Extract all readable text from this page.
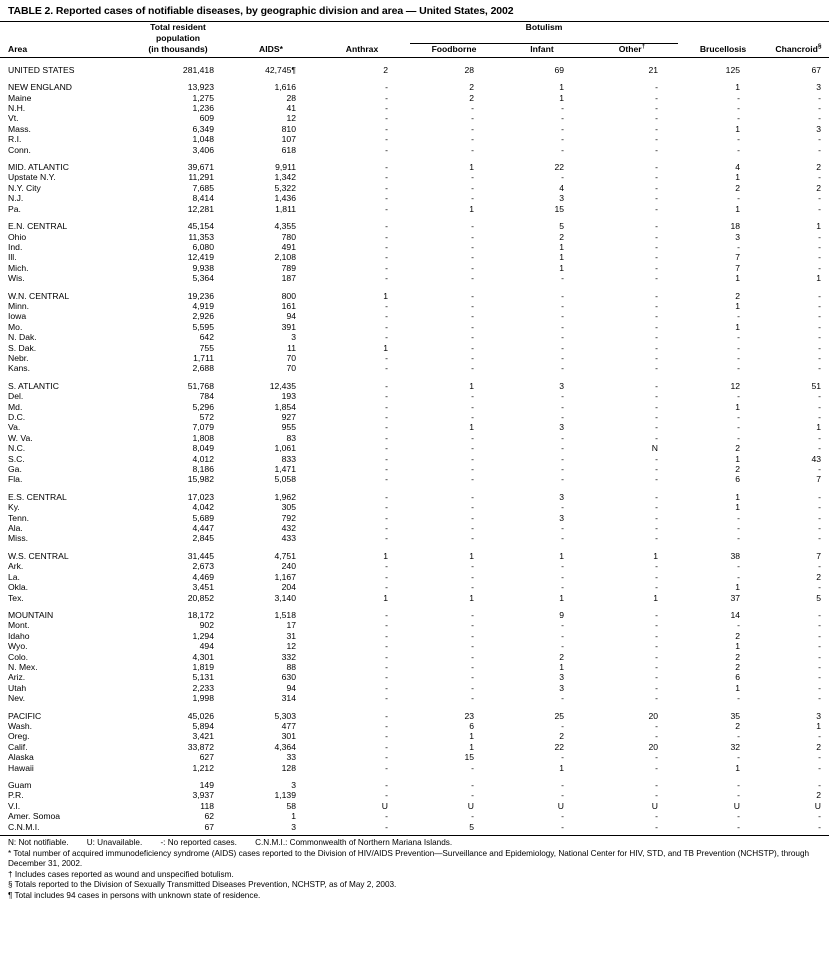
TABLE 2. Reported cases of notifiable diseases, by geographic division and area — United States, 2002
	Total resident			Botulism				
	population							
Area	(in thousands)	AIDS*	Anthrax	Foodborne	Infant	Other†	Brucellosis	Chancroid§

UNITED STATES	281,418	42,745¶	2	28	69	21	125	67

NEW ENGLAND	13,923	1,616	-	2	1	-	1	3
Maine	1,275	28	-	2	1	-	-	-
N.H.	1,236	41	-	-	-	-	-	-
Vt.	609	12	-	-	-	-	-	-
Mass.	6,349	810	-	-	-	-	1	3
R.I.	1,048	107	-	-	-	-	-	-
Conn.	3,406	618	-	-	-	-	-	-

MID. ATLANTIC	39,671	9,911	-	1	22	-	4	2
Upstate N.Y.	11,291	1,342	-	-	-	-	1	-
N.Y. City	7,685	5,322	-	-	4	-	2	2
N.J.	8,414	1,436	-	-	3	-	-	-
Pa.	12,281	1,811	-	1	15	-	1	-

E.N. CENTRAL	45,154	4,355	-	-	5	-	18	1
Ohio	11,353	780	-	-	2	-	3	-
Ind.	6,080	491	-	-	1	-	-	-
Ill.	12,419	2,108	-	-	1	-	7	-
Mich.	9,938	789	-	-	1	-	7	-
Wis.	5,364	187	-	-	-	-	1	1

W.N. CENTRAL	19,236	800	1	-	-	-	2	-
Minn.	4,919	161	-	-	-	-	1	-
Iowa	2,926	94	-	-	-	-	-	-
Mo.	5,595	391	-	-	-	-	1	-
N. Dak.	642	3	-	-	-	-	-	-
S. Dak.	755	11	1	-	-	-	-	-
Nebr.	1,711	70	-	-	-	-	-	-
Kans.	2,688	70	-	-	-	-	-	-

S. ATLANTIC	51,768	12,435	-	1	3	-	12	51
Del.	784	193	-	-	-	-	-	-
Md.	5,296	1,854	-	-	-	-	1	-
D.C.	572	927	-	-	-	-	-	-
Va.	7,079	955	-	1	3	-	-	1
W. Va.	1,808	83	-	-	-	-	-	-
N.C.	8,049	1,061	-	-	-	N	2	-
S.C.	4,012	833	-	-	-	-	1	43
Ga.	8,186	1,471	-	-	-	-	2	-
Fla.	15,982	5,058	-	-	-	-	6	7

E.S. CENTRAL	17,023	1,962	-	-	3	-	1	-
Ky.	4,042	305	-	-	-	-	1	-
Tenn.	5,689	792	-	-	3	-	-	-
Ala.	4,447	432	-	-	-	-	-	-
Miss.	2,845	433	-	-	-	-	-	-

W.S. CENTRAL	31,445	4,751	1	1	1	1	38	7
Ark.	2,673	240	-	-	-	-	-	-
La.	4,469	1,167	-	-	-	-	-	2
Okla.	3,451	204	-	-	-	-	1	-
Tex.	20,852	3,140	1	1	1	1	37	5

MOUNTAIN	18,172	1,518	-	-	9	-	14	-
Mont.	902	17	-	-	-	-	-	-
Idaho	1,294	31	-	-	-	-	2	-
Wyo.	494	12	-	-	-	-	1	-
Colo.	4,301	332	-	-	2	-	2	-
N. Mex.	1,819	88	-	-	1	-	2	-
Ariz.	5,131	630	-	-	3	-	6	-
Utah	2,233	94	-	-	3	-	1	-
Nev.	1,998	314	-	-	-	-	-	-

PACIFIC	45,026	5,303	-	23	25	20	35	3
Wash.	5,894	477	-	6	-	-	2	1
Oreg.	3,421	301	-	1	2	-	-	-
Calif.	33,872	4,364	-	1	22	20	32	2
Alaska	627	33	-	15	-	-	-	-
Hawaii	1,212	128	-	-	1	-	1	-

Guam	149	3	-	-	-	-	-	-
P.R.	3,937	1,139	-	-	-	-	-	2
V.I.	118	58	U	U	U	U	U	U
Amer. Somoa	62	1	-	-	-	-	-	-
C.N.M.I.	67	3	-	5	-	-	-	-
N: Not notifiable.        U: Unavailable.        -: No reported cases.        C.N.M.I.: Commonwealth of Northern Mariana Islands.
* Total number of acquired immunodeficiency syndrome (AIDS) cases reported to the Division of HIV/AIDS Prevention—Surveillance and Epidemiology, National Center for HIV, STD, and TB Prevention (NCHSTP), through December 31, 2002.
† Includes cases reported as wound and unspecified botulism.
§ Totals reported to the Division of Sexually Transmitted Diseases Prevention, NCHSTP, as of May 2, 2003.
¶ Total includes 94 cases in persons with unknown state of residence.
